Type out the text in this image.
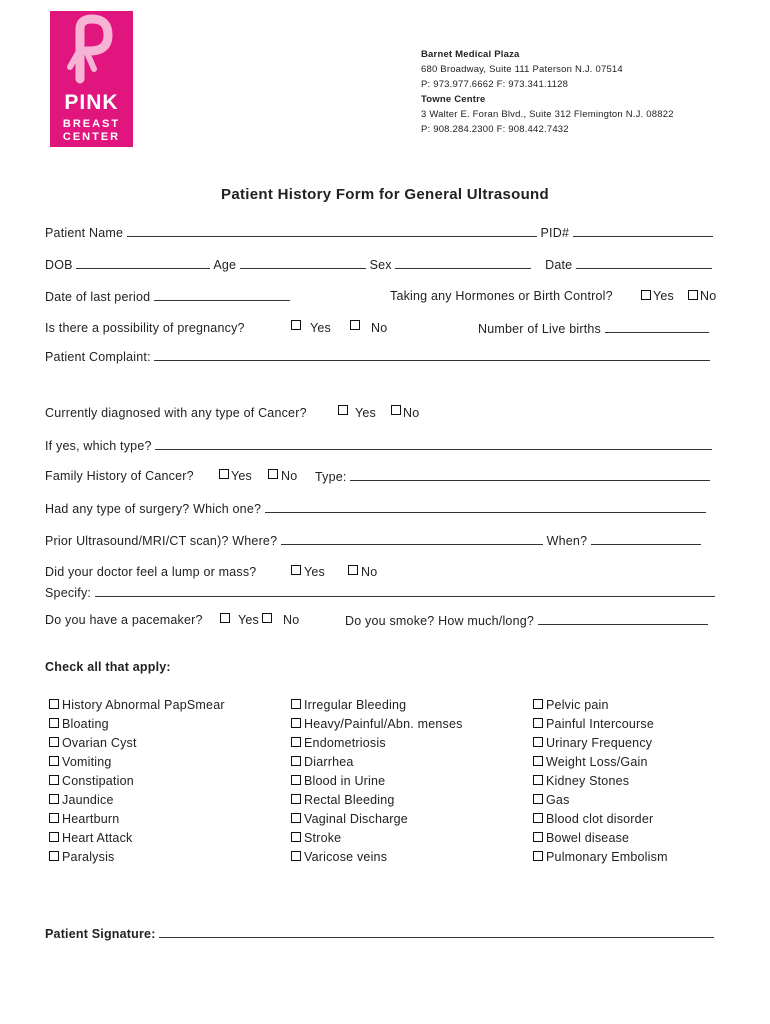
PINK
BREAST
CENTER
Barnet Medical Plaza
680 Broadway, Suite 111 Paterson N.J. 07514
P: 973.977.6662 F: 973.341.1128
Towne Centre
3 Walter E. Foran Blvd., Suite 312 Flemington N.J. 08822
P: 908.284.2300 F: 908.442.7432
Patient History Form for General Ultrasound
Patient Name	PID#
DOB	Age	Sex	Date
Date of last period	Taking any Hormones or Birth Control?	Yes No
Is there a possibility of pregnancy?	Yes	No	Number of Live births
Patient Complaint:
Currently diagnosed with any type of Cancer?	Yes No
If yes, which type?
Family History of Cancer?	Yes No Type:
Had any type of surgery? Which one?
Prior Ultrasound/MRI/CT scan)? Where?	When?
Did your doctor feel a lump or mass?	Yes	No
Specify:
Do you have a pacemaker?	Yes No	Do you smoke? How much/long?
Check all that apply:
History Abnormal PapSmear
Bloating
Ovarian Cyst
Vomiting
Constipation
Jaundice
Heartburn
Heart Attack
Paralysis
Irregular Bleeding
Heavy/Painful/Abn. menses
Endometriosis
Diarrhea
Blood in Urine
Rectal Bleeding
Vaginal Discharge
Stroke
Varicose veins
Pelvic pain
Painful Intercourse
Urinary Frequency
Weight Loss/Gain
Kidney Stones
Gas
Blood clot disorder
Bowel disease
Pulmonary Embolism
Patient Signature:
